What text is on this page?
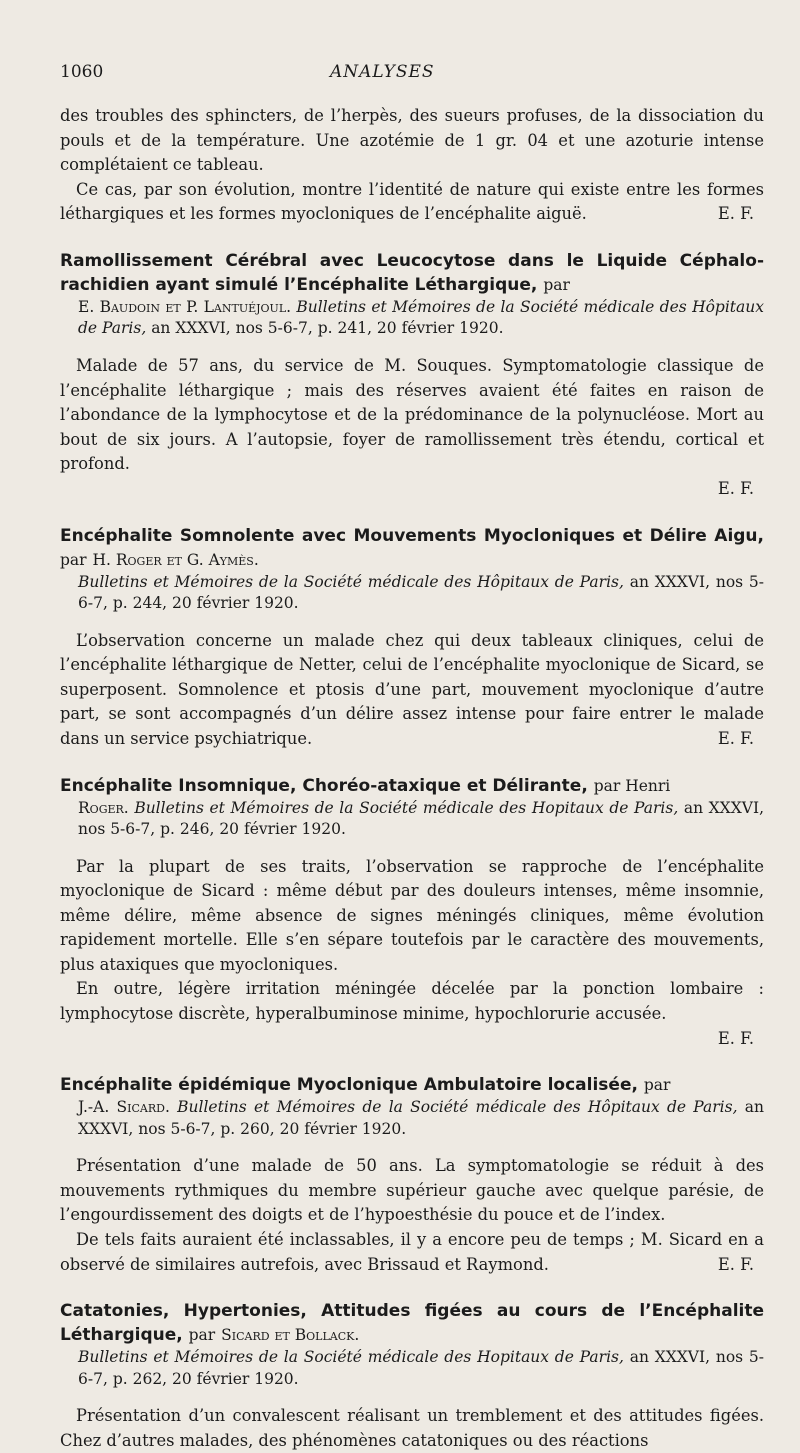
1060	ANALYSES

des troubles des sphincters, de l’herpès, des sueurs profuses, de la dissociation du pouls et de la température. Une azotémie de 1 gr. 04 et une azoturie intense complétaient ce tableau.

Ce cas, par son évolution, montre l’identité de nature qui existe entre les formes léthargiques et les formes myocloniques de l’encéphalite aiguë.	E. F.

Ramollissement Cérébral avec Leucocytose dans le Liquide Céphalo-rachidien ayant simulé l’Encéphalite Léthargique, par

E. Baudoin et P. Lantuéjoul. Bulletins et Mémoires de la Société médicale des Hôpitaux de Paris, an XXXVI, nos 5-6-7, p. 241, 20 février 1920.

Malade de 57 ans, du service de M. Souques. Symptomatologie classique de l’encéphalite léthargique ; mais des réserves avaient été faites en raison de l’abondance de la lymphocytose et de la prédominance de la polynucléose. Mort au bout de six jours. A l’autopsie, foyer de ramollissement très étendu, cortical et profond.

E. F.

Encéphalite Somnolente avec Mouvements Myocloniques et Délire Aigu, par H. Roger et G. Aymès.

Bulletins et Mémoires de la Société médicale des Hôpitaux de Paris, an XXXVI, nos 5-6-7, p. 244, 20 février 1920.

L’observation concerne un malade chez qui deux tableaux cliniques, celui de l’encéphalite léthargique de Netter, celui de l’encéphalite myoclonique de Sicard, se superposent. Somnolence et ptosis d’une part, mouvement myoclonique d’autre part, se sont accompagnés d’un délire assez intense pour faire entrer le malade dans un service psychiatrique.	E. F.

Encéphalite Insomnique, Choréo-ataxique et Délirante, par Henri

Roger. Bulletins et Mémoires de la Société médicale des Hopitaux de Paris, an XXXVI, nos 5-6-7, p. 246, 20 février 1920.

Par la plupart de ses traits, l’observation se rapproche de l’encéphalite myoclonique de Sicard : même début par des douleurs intenses, même insomnie, même délire, même absence de signes méningés cliniques, même évolution rapidement mortelle. Elle s’en sépare toutefois par le caractère des mouvements, plus ataxiques que myocloniques.

En outre, légère irritation méningée décelée par la ponction lombaire : lymphocytose discrète, hyperalbuminose minime, hypochlorurie accusée.

E. F.

Encéphalite épidémique Myoclonique Ambulatoire localisée, par

J.-A. Sicard. Bulletins et Mémoires de la Société médicale des Hôpitaux de Paris, an XXXVI, nos 5-6-7, p. 260, 20 février 1920.

Présentation d’une malade de 50 ans. La symptomatologie se réduit à des mouvements rythmiques du membre supérieur gauche avec quelque parésie, de l’engourdissement des doigts et de l’hypoesthésie du pouce et de l’index.

De tels faits auraient été inclassables, il y a encore peu de temps ; M. Sicard en a observé de similaires autrefois, avec Brissaud et Raymond.	E. F.

Catatonies, Hypertonies, Attitudes figées au cours de l’Encéphalite Léthargique, par Sicard et Bollack.

Bulletins et Mémoires de la Société médicale des Hopitaux de Paris, an XXXVI, nos 5-6-7, p. 262, 20 février 1920.

Présentation d’un convalescent réalisant un tremblement et des attitudes figées. Chez d’autres malades, des phénomènes catatoniques ou des réactions
